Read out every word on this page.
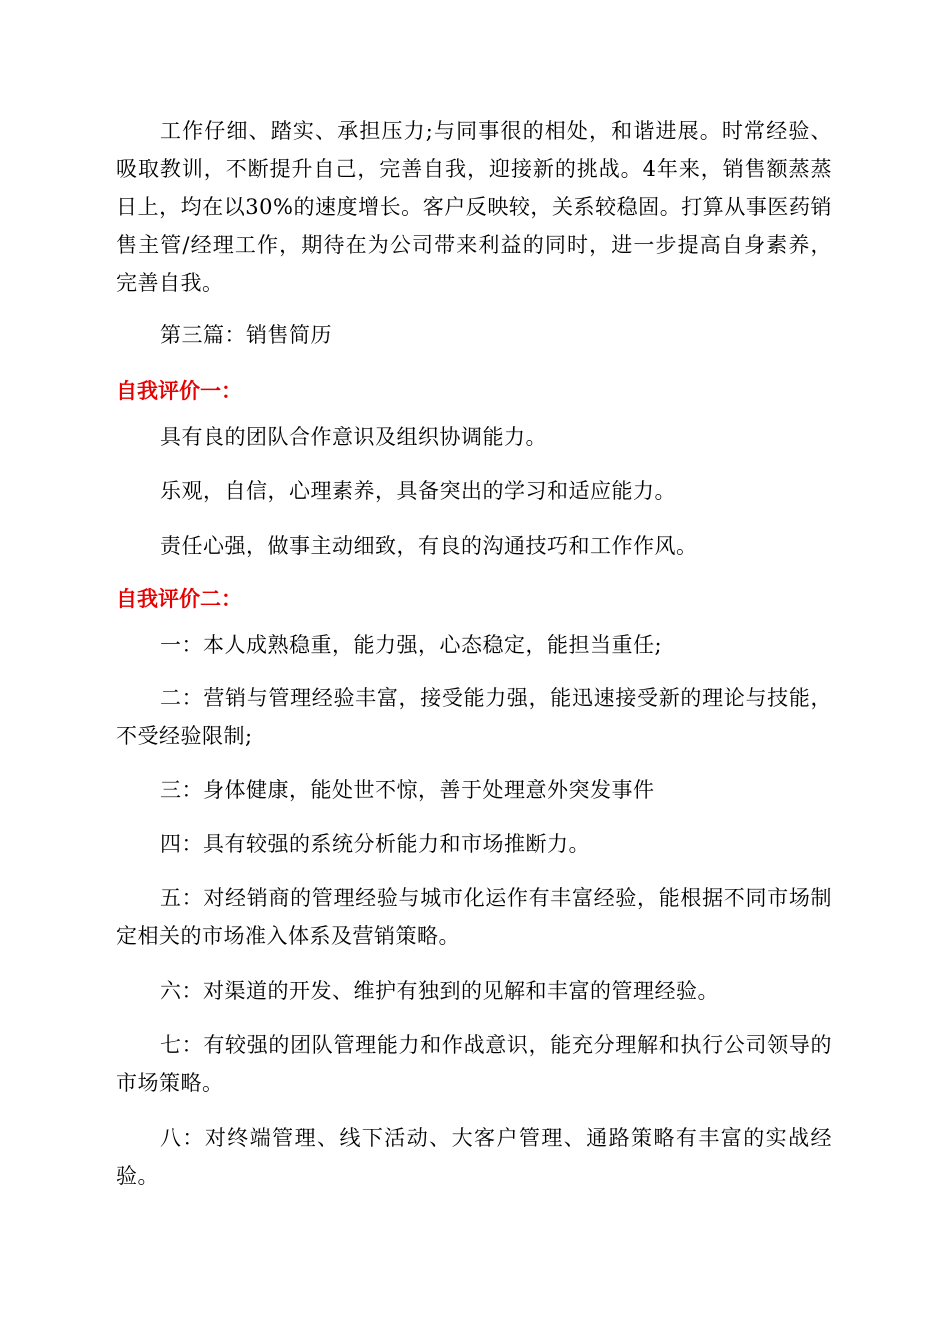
工作仔细、踏实、承担压力;与同事很的相处，和谐进展。时常经验、吸取教训，不断提升自己，完善自我，迎接新的挑战。4年来，销售额蒸蒸日上，均在以30%的速度增长。客户反映较，关系较稳固。打算从事医药销售主管/经理工作，期待在为公司带来利益的同时，进一步提高自身素养，完善自我。

第三篇：销售简历

自我评价一：

具有良的团队合作意识及组织协调能力。

乐观，自信，心理素养，具备突出的学习和适应能力。

责任心强，做事主动细致，有良的沟通技巧和工作作风。

自我评价二：

一：本人成熟稳重，能力强，心态稳定，能担当重任;

二：营销与管理经验丰富，接受能力强，能迅速接受新的理论与技能，不受经验限制;

三：身体健康，能处世不惊，善于处理意外突发事件

四：具有较强的系统分析能力和市场推断力。

五：对经销商的管理经验与城市化运作有丰富经验，能根据不同市场制定相关的市场准入体系及营销策略。

六：对渠道的开发、维护有独到的见解和丰富的管理经验。

七：有较强的团队管理能力和作战意识，能充分理解和执行公司领导的市场策略。

八：对终端管理、线下活动、大客户管理、通路策略有丰富的实战经验。
